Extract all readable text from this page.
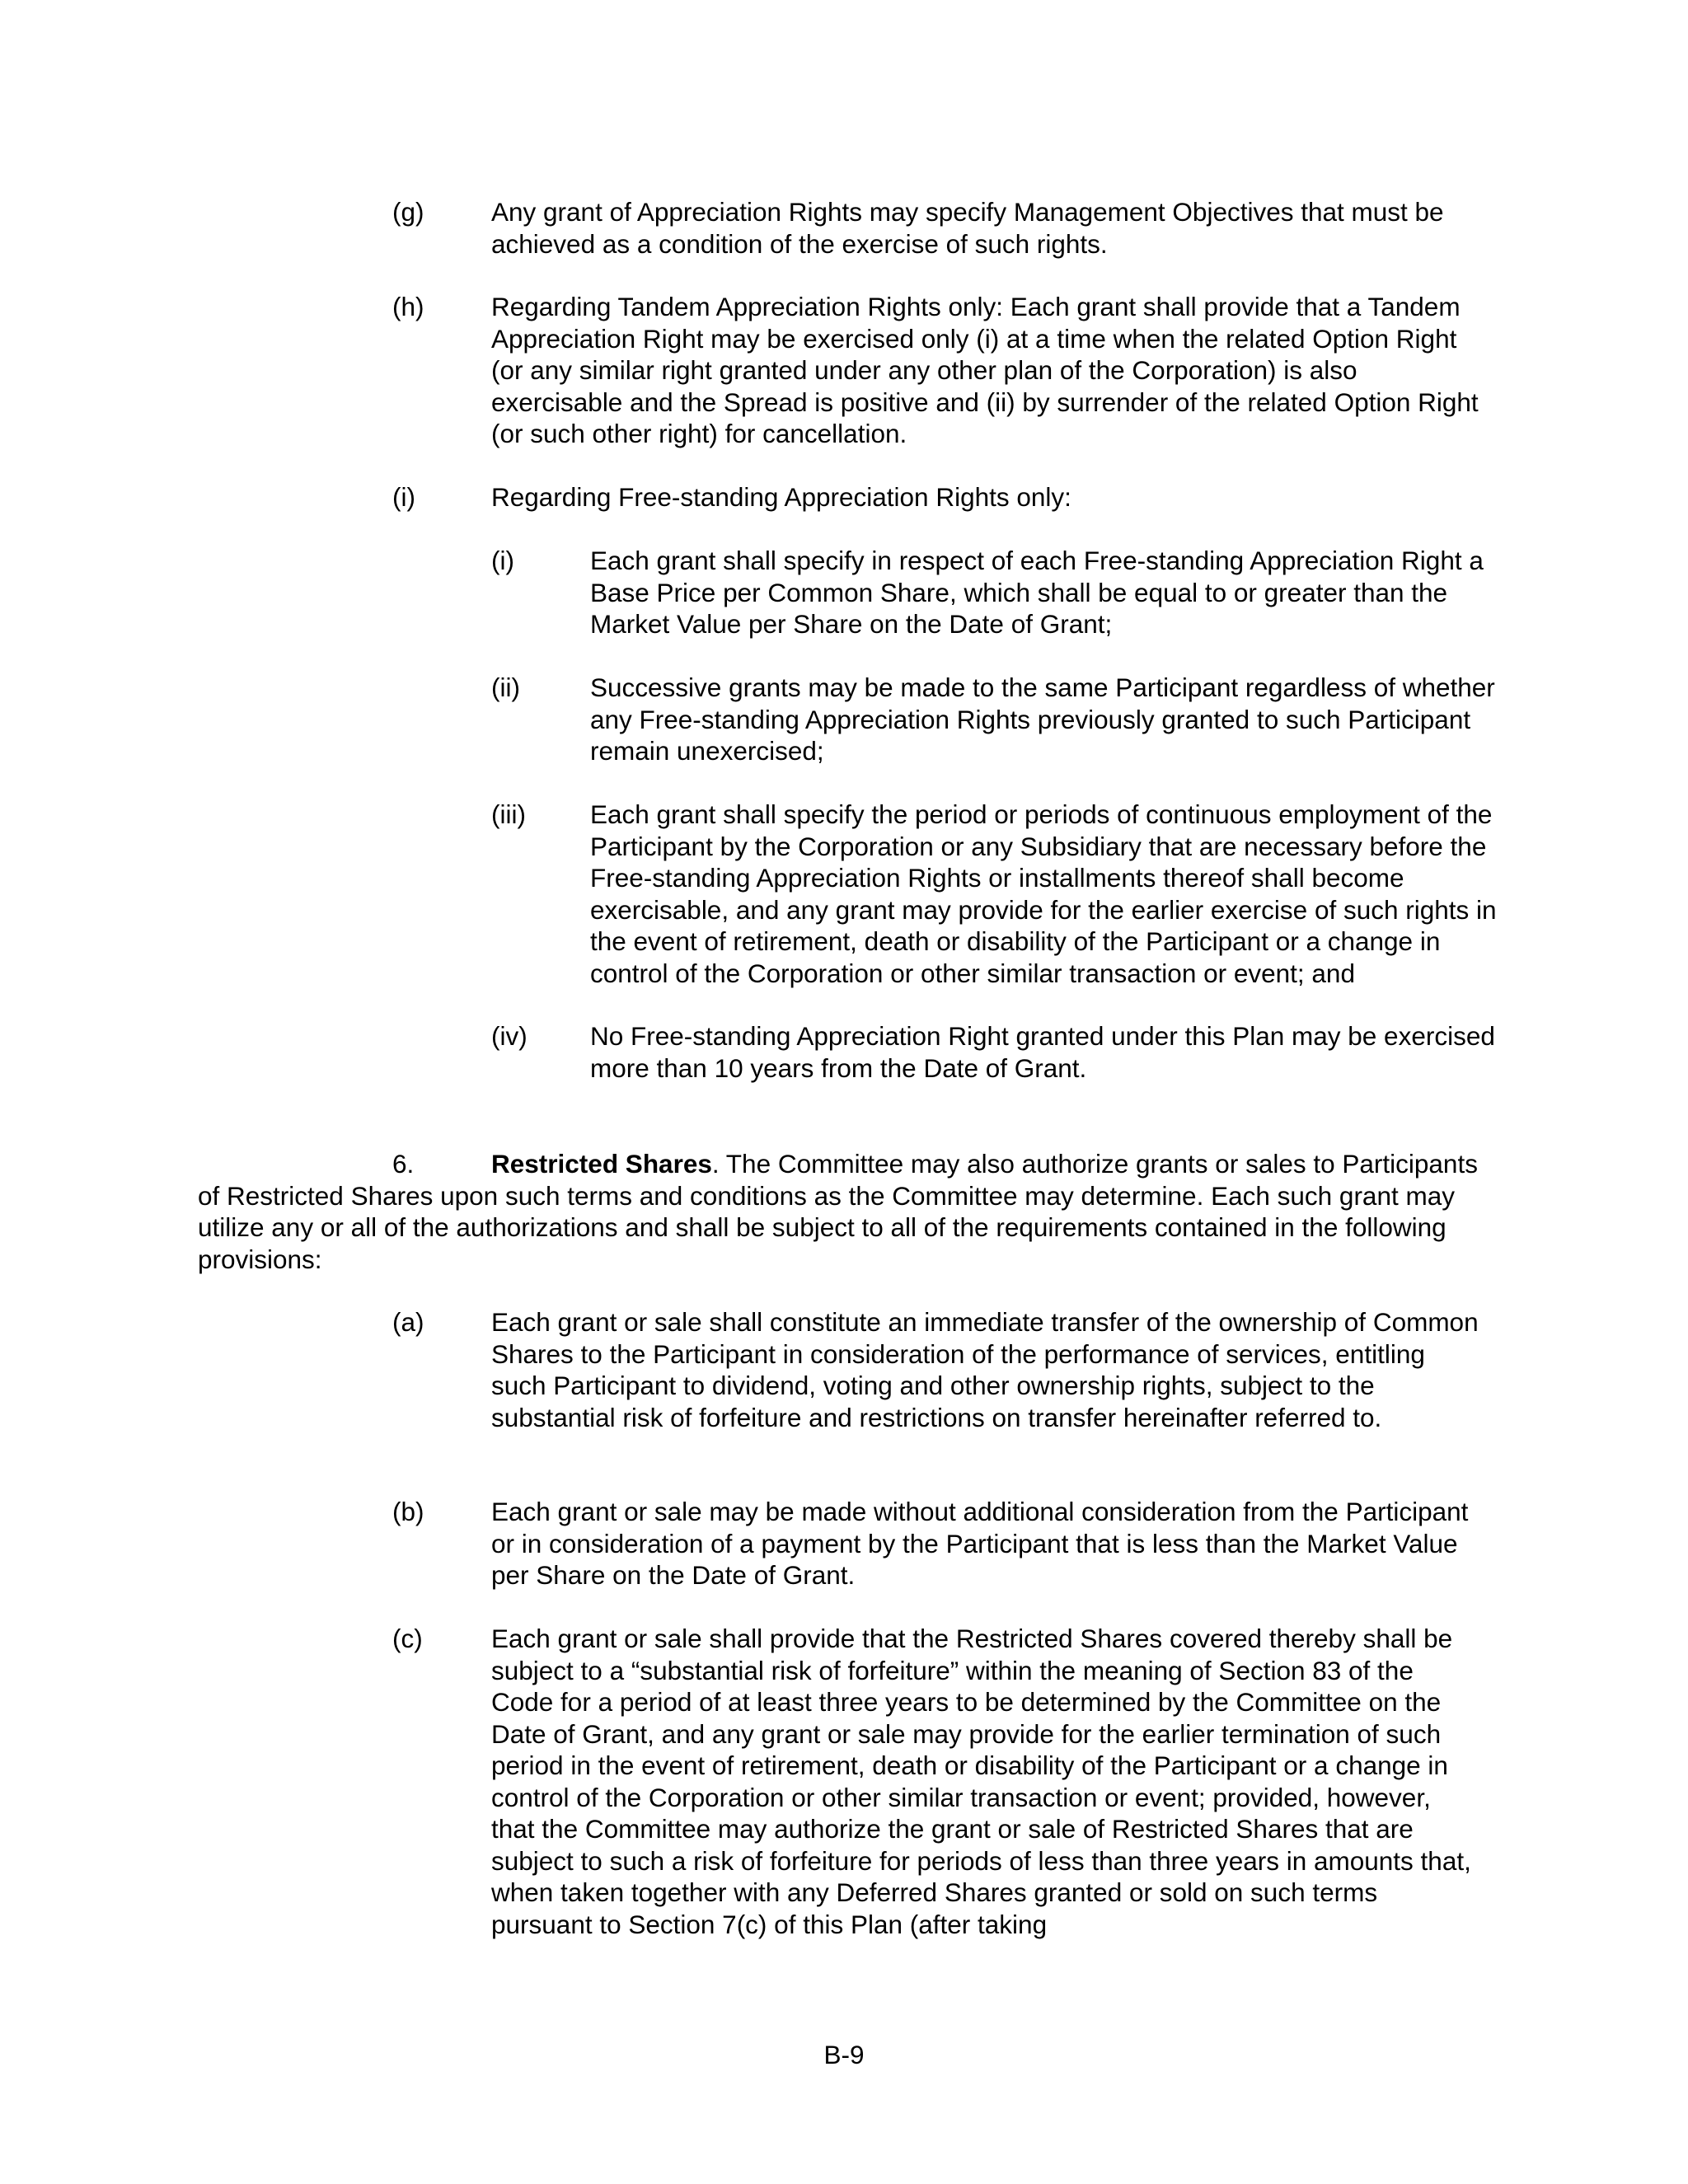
(g)	Any grant of Appreciation Rights may specify Management Objectives that must be achieved as a condition of the exercise of such rights.
(h)	Regarding Tandem Appreciation Rights only: Each grant shall provide that a Tandem Appreciation Right may be exercised only (i) at a time when the related Option Right (or any similar right granted under any other plan of the Corporation) is also exercisable and the Spread is positive and (ii) by surrender of the related Option Right (or such other right) for cancellation.
(i)	Regarding Free-standing Appreciation Rights only:
(i)	Each grant shall specify in respect of each Free-standing Appreciation Right a Base Price per Common Share, which shall be equal to or greater than the Market Value per Share on the Date of Grant;
(ii)	Successive grants may be made to the same Participant regardless of whether any Free-standing Appreciation Rights previously granted to such Participant remain unexercised;
(iii) Each grant shall specify the period or periods of continuous employment of the Participant by the Corporation or any Subsidiary that are necessary before the Free-standing Appreciation Rights or installments thereof shall become exercisable, and any grant may provide for the earlier exercise of such rights in the event of retirement, death or disability of the Participant or a change in control of the Corporation or other similar transaction or event; and
(iv) No Free-standing Appreciation Right granted under this Plan may be exercised more than 10 years from the Date of Grant.
6.	Restricted Shares. The Committee may also authorize grants or sales to Participants of Restricted Shares upon such terms and conditions as the Committee may determine. Each such grant may utilize any or all of the authorizations and shall be subject to all of the requirements contained in the following provisions:
(a)	Each grant or sale shall constitute an immediate transfer of the ownership of Common Shares to the Participant in consideration of the performance of services, entitling such Participant to dividend, voting and other ownership rights, subject to the substantial risk of forfeiture and restrictions on transfer hereinafter referred to.
(b)	Each grant or sale may be made without additional consideration from the Participant or in consideration of a payment by the Participant that is less than the Market Value per Share on the Date of Grant.
(c)	Each grant or sale shall provide that the Restricted Shares covered thereby shall be subject to a “substantial risk of forfeiture” within the meaning of Section 83 of the Code for a period of at least three years to be determined by the Committee on the Date of Grant, and any grant or sale may provide for the earlier termination of such period in the event of retirement, death or disability of the Participant or a change in control of the Corporation or other similar transaction or event; provided, however, that the Committee may authorize the grant or sale of Restricted Shares that are subject to such a risk of forfeiture for periods of less than three years in amounts that, when taken together with any Deferred Shares granted or sold on such terms pursuant to Section 7(c) of this Plan (after taking
B-9
